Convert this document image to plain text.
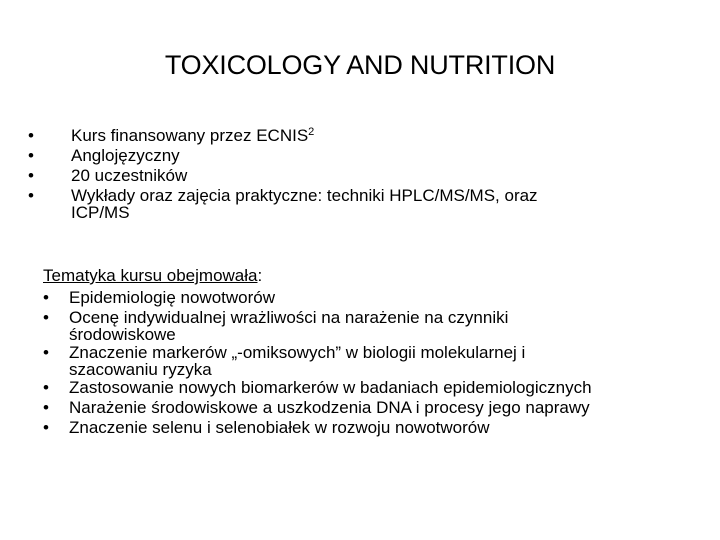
TOXICOLOGY AND NUTRITION
• Kurs finansowany przez ECNIS$^2$
• Anglojęzyczny
• 20 uczestników
• Wykłady oraz zajęcia praktyczne: techniki HPLC/MS/MS, oraz
ICP/MS
Tematyka kursu obejmowała:
• Epidemiologię nowotworów
• Ocenę indywidualnej wrażliwości na narażenie na czynniki
środowiskowe
• Znaczenie markerów „-omiksowych” w biologii molekularnej i
szacowaniu ryzyka
• Zastosowanie nowych biomarkerów w badaniach epidemiologicznych
• Narażenie środowiskowe a uszkodzenia DNA i procesy jego naprawy
• Znaczenie selenu i selenobiałek w rozwoju nowotworów
